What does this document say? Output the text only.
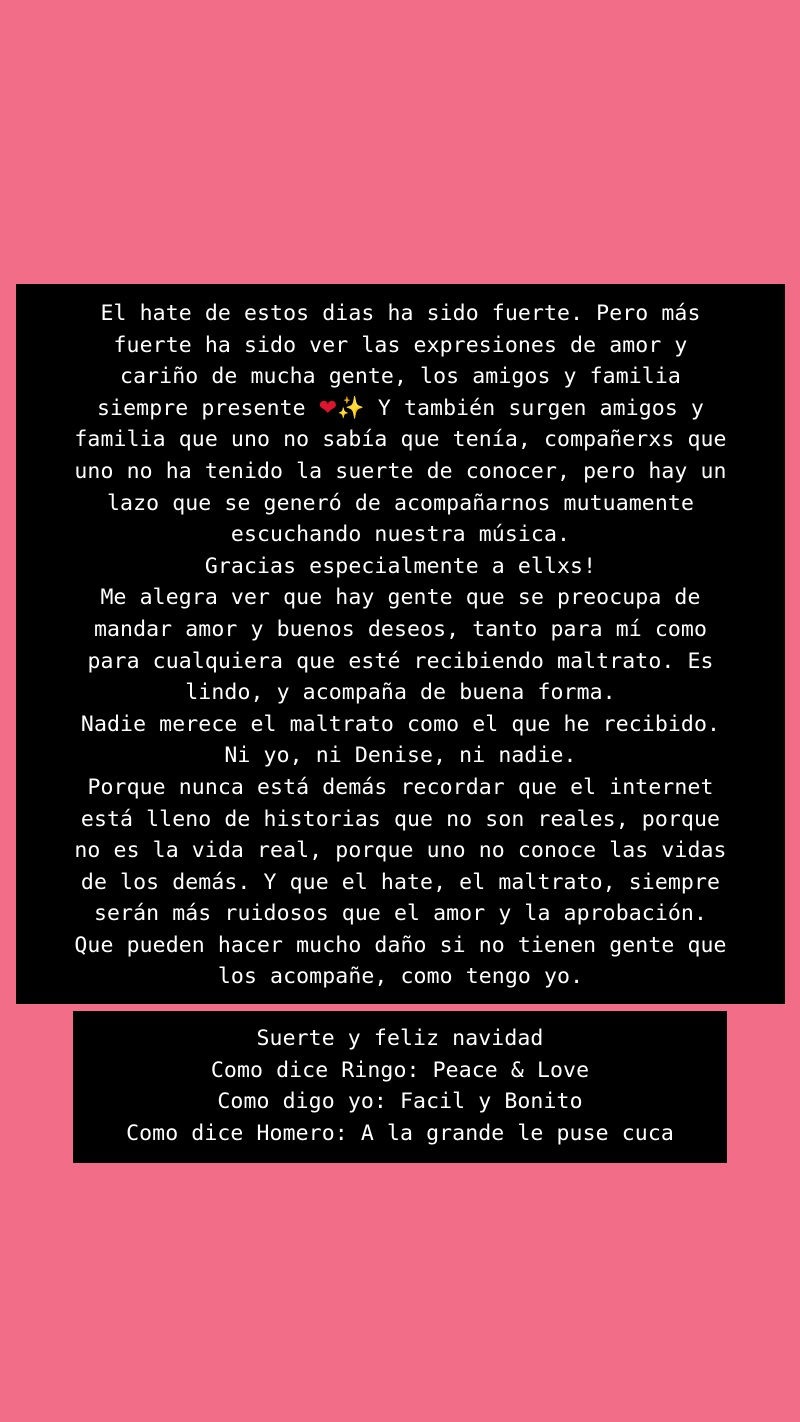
El hate de estos dias ha sido fuerte. Pero más
fuerte ha sido ver las expresiones de amor y
cariño de mucha gente, los amigos y familia
siempre presente ❤✨ Y también surgen amigos y
familia que uno no sabía que tenía, compañerxs que
uno no ha tenido la suerte de conocer, pero hay un
lazo que se generó de acompañarnos mutuamente
escuchando nuestra música.
Gracias especialmente a ellxs!
Me alegra ver que hay gente que se preocupa de
mandar amor y buenos deseos, tanto para mí como
para cualquiera que esté recibiendo maltrato. Es
lindo, y acompaña de buena forma.
Nadie merece el maltrato como el que he recibido.
Ni yo, ni Denise, ni nadie.
Porque nunca está demás recordar que el internet
está lleno de historias que no son reales, porque
no es la vida real, porque uno no conoce las vidas
de los demás. Y que el hate, el maltrato, siempre
serán más ruidosos que el amor y la aprobación.
Que pueden hacer mucho daño si no tienen gente que
los acompañe, como tengo yo.
Suerte y feliz navidad
Como dice Ringo: Peace & Love
Como digo yo: Facil y Bonito
Como dice Homero: A la grande le puse cuca
